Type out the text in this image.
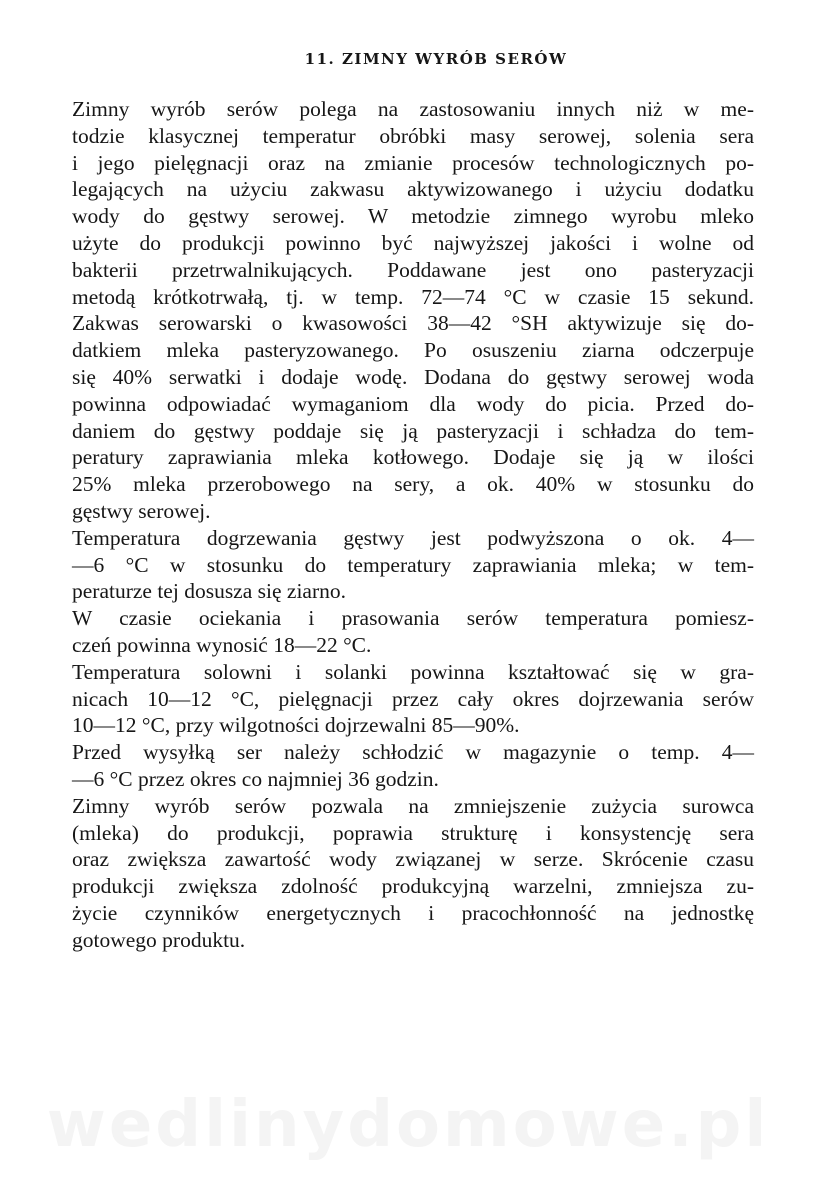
11. ZIMNY WYRÓB SERÓW

Zimny wyrób serów polega na zastosowaniu innych niż w me-
todzie klasycznej temperatur obróbki masy serowej, solenia sera
i jego pielęgnacji oraz na zmianie procesów technologicznych po-
legających na użyciu zakwasu aktywizowanego i użyciu dodatku
wody do gęstwy serowej. W metodzie zimnego wyrobu mleko
użyte do produkcji powinno być najwyższej jakości i wolne od
bakterii przetrwalnikujących. Poddawane jest ono pasteryzacji
metodą krótkotrwałą, tj. w temp. 72—74 °C w czasie 15 sekund.
Zakwas serowarski o kwasowości 38—42 °SH aktywizuje się do-
datkiem mleka pasteryzowanego. Po osuszeniu ziarna odczerpuje
się 40% serwatki i dodaje wodę. Dodana do gęstwy serowej woda
powinna odpowiadać wymaganiom dla wody do picia. Przed do-
daniem do gęstwy poddaje się ją pasteryzacji i schładza do tem-
peratury zaprawiania mleka kotłowego. Dodaje się ją w ilości
25% mleka przerobowego na sery, a ok. 40% w stosunku do
gęstwy serowej.

Temperatura dogrzewania gęstwy jest podwyższona o ok. 4—
—6 °C w stosunku do temperatury zaprawiania mleka; w tem-
peraturze tej dosusza się ziarno.

W czasie ociekania i prasowania serów temperatura pomiesz-
czeń powinna wynosić 18—22 °C.

Temperatura solowni i solanki powinna kształtować się w gra-
nicach 10—12 °C, pielęgnacji przez cały okres dojrzewania serów
10—12 °C, przy wilgotności dojrzewalni 85—90%.

Przed wysyłką ser należy schłodzić w magazynie o temp. 4—
—6 °C przez okres co najmniej 36 godzin.

Zimny wyrób serów pozwala na zmniejszenie zużycia surowca
(mleka) do produkcji, poprawia strukturę i konsystencję sera
oraz zwiększa zawartość wody związanej w serze. Skrócenie czasu
produkcji zwiększa zdolność produkcyjną warzelni, zmniejsza zu-
życie czynników energetycznych i pracochłonność na jednostkę
gotowego produktu.

wedlinydomowe.pl
